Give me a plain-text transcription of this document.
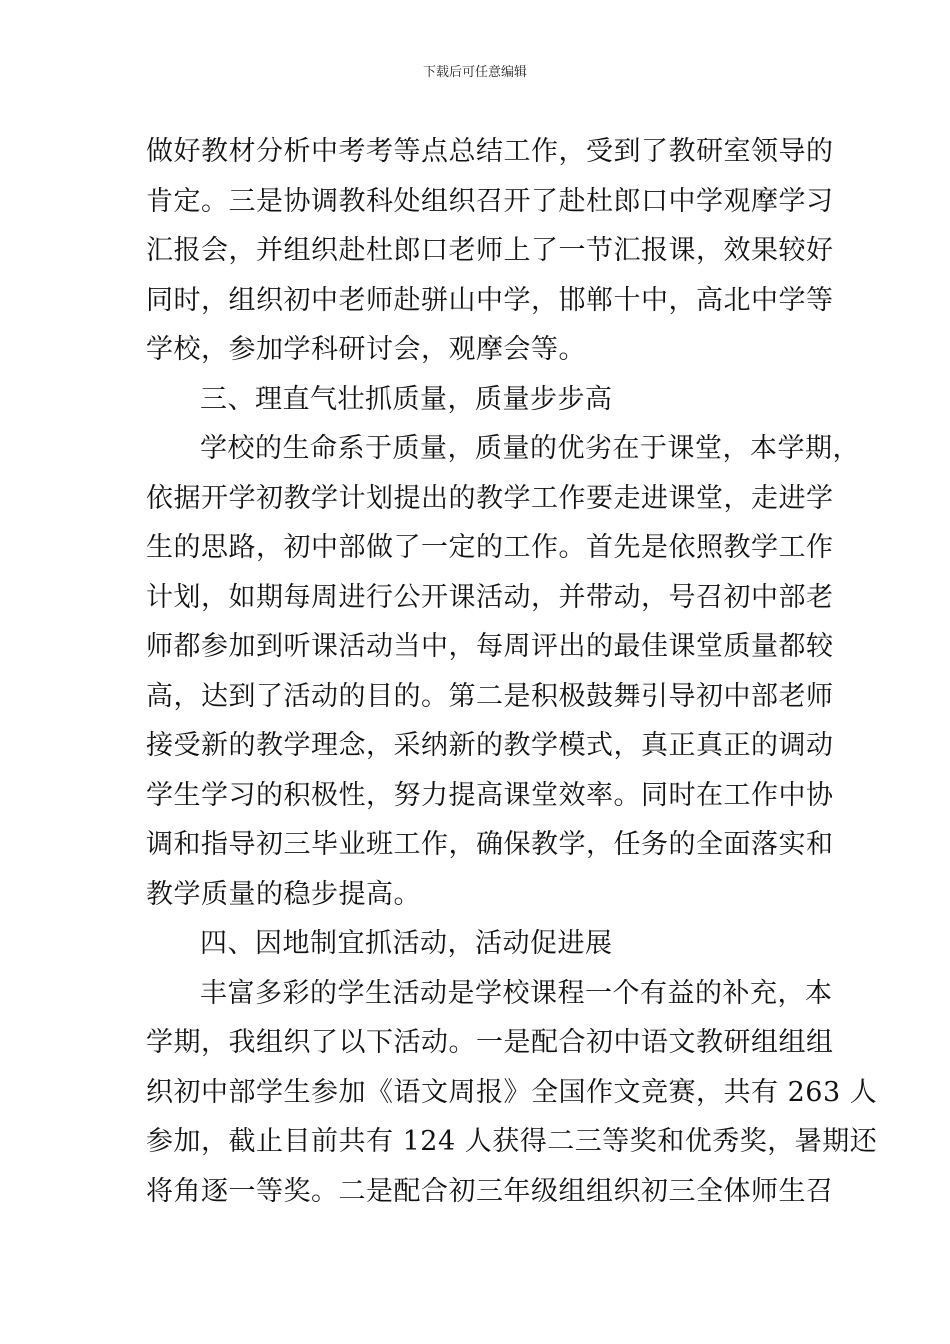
下载后可任意编辑
做好教材分析中考考等点总结工作，受到了教研室领导的
肯定。三是协调教科处组织召开了赴杜郎口中学观摩学习
汇报会，并组织赴杜郎口老师上了一节汇报课，效果较好
同时，组织初中老师赴骈山中学，邯郸十中，高北中学等
学校，参加学科研讨会，观摩会等。
三、理直气壮抓质量，质量步步高
学校的生命系于质量，质量的优劣在于课堂，本学期，
依据开学初教学计划提出的教学工作要走进课堂，走进学
生的思路，初中部做了一定的工作。首先是依照教学工作
计划，如期每周进行公开课活动，并带动，号召初中部老
师都参加到听课活动当中，每周评出的最佳课堂质量都较
高，达到了活动的目的。第二是积极鼓舞引导初中部老师
接受新的教学理念，采纳新的教学模式，真正真正的调动
学生学习的积极性，努力提高课堂效率。同时在工作中协
调和指导初三毕业班工作，确保教学，任务的全面落实和
教学质量的稳步提高。
四、因地制宜抓活动，活动促进展
丰富多彩的学生活动是学校课程一个有益的补充，本
学期，我组织了以下活动。一是配合初中语文教研组组组
织初中部学生参加《语文周报》全国作文竞赛，共有 263 人
参加，截止目前共有 124 人获得二三等奖和优秀奖，暑期还
将角逐一等奖。二是配合初三年级组组织初三全体师生召
